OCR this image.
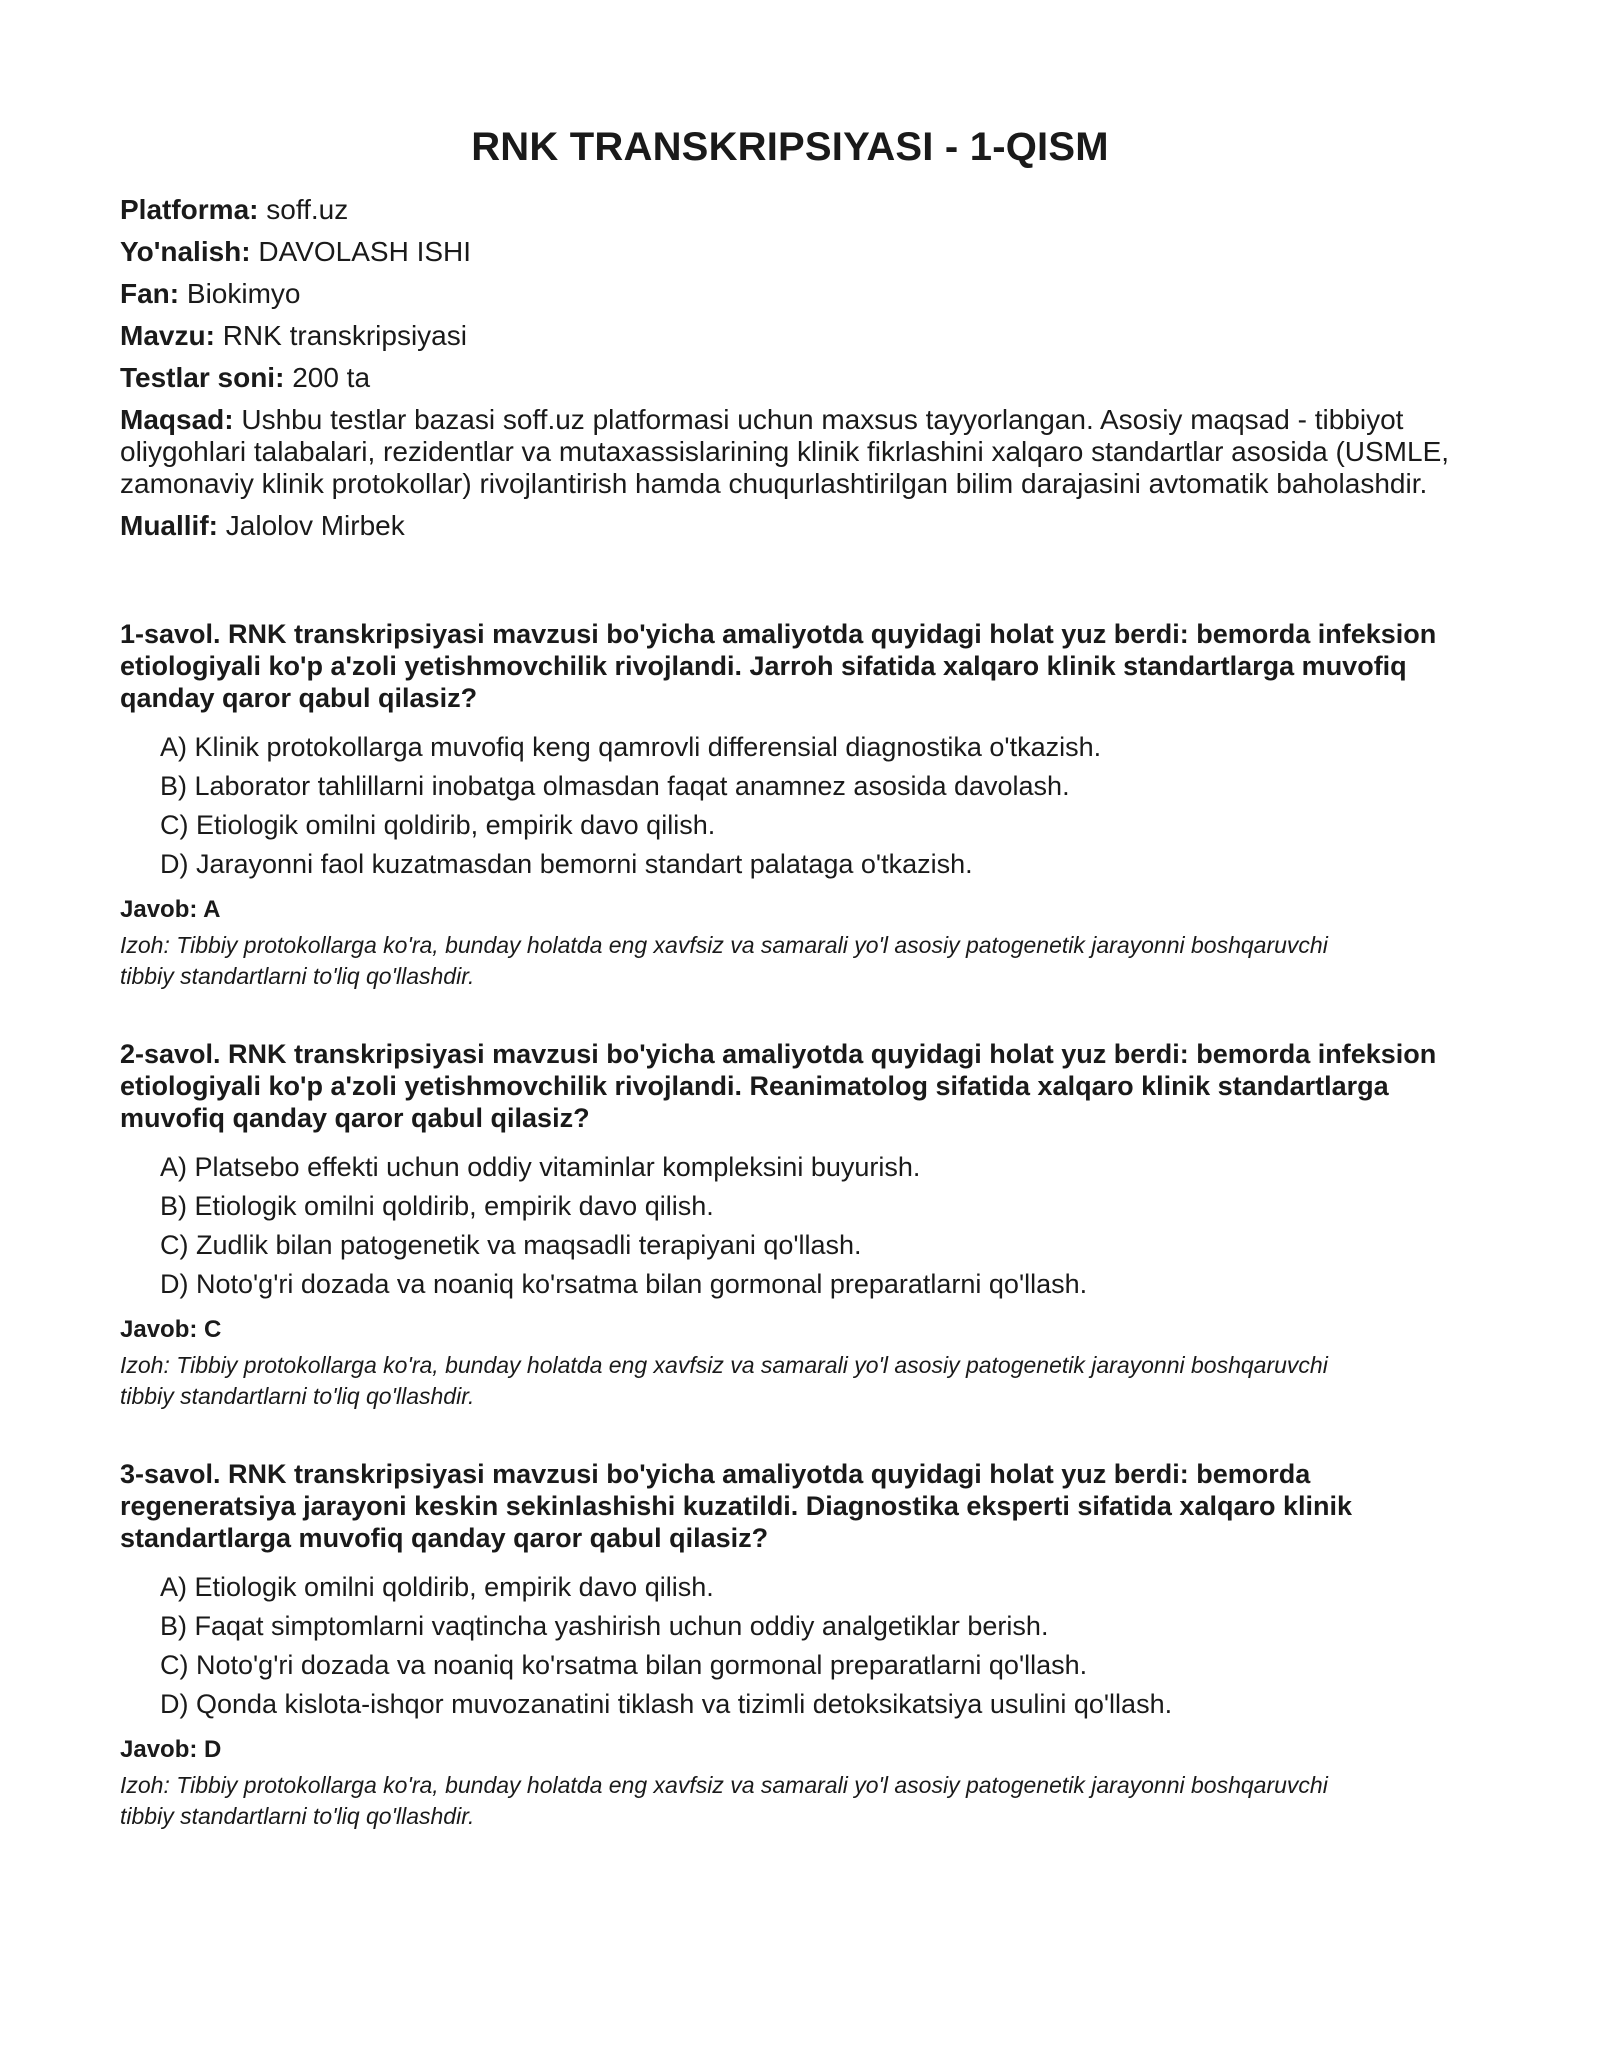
RNK TRANSKRIPSIYASI - 1-QISM
Platforma: soff.uz
Yo'nalish: DAVOLASH ISHI
Fan: Biokimyo
Mavzu: RNK transkripsiyasi
Testlar soni: 200 ta
Maqsad: Ushbu testlar bazasi soff.uz platformasi uchun maxsus tayyorlangan. Asosiy maqsad - tibbiyot oliygohlari talabalari, rezidentlar va mutaxassislarining klinik fikrlashini xalqaro standartlar asosida (USMLE, zamonaviy klinik protokollar) rivojlantirish hamda chuqurlashtirilgan bilim darajasini avtomatik baholashdir.
Muallif: Jalolov Mirbek

1-savol. RNK transkripsiyasi mavzusi bo'yicha amaliyotda quyidagi holat yuz berdi: bemorda infeksion etiologiyali ko'p a'zoli yetishmovchilik rivojlandi. Jarroh sifatida xalqaro klinik standartlarga muvofiq qanday qaror qabul qilasiz?

A) Klinik protokollarga muvofiq keng qamrovli differensial diagnostika o'tkazish.
B) Laborator tahlillarni inobatga olmasdan faqat anamnez asosida davolash.
C) Etiologik omilni qoldirib, empirik davo qilish.
D) Jarayonni faol kuzatmasdan bemorni standart palataga o'tkazish.
Javob: A
Izoh: Tibbiy protokollarga ko'ra, bunday holatda eng xavfsiz va samarali yo'l asosiy patogenetik jarayonni boshqaruvchi tibbiy standartlarni to'liq qo'llashdir.

2-savol. RNK transkripsiyasi mavzusi bo'yicha amaliyotda quyidagi holat yuz berdi: bemorda infeksion etiologiyali ko'p a'zoli yetishmovchilik rivojlandi. Reanimatolog sifatida xalqaro klinik standartlarga muvofiq qanday qaror qabul qilasiz?

A) Platsebo effekti uchun oddiy vitaminlar kompleksini buyurish.
B) Etiologik omilni qoldirib, empirik davo qilish.
C) Zudlik bilan patogenetik va maqsadli terapiyani qo'llash.
D) Noto'g'ri dozada va noaniq ko'rsatma bilan gormonal preparatlarni qo'llash.
Javob: C
Izoh: Tibbiy protokollarga ko'ra, bunday holatda eng xavfsiz va samarali yo'l asosiy patogenetik jarayonni boshqaruvchi tibbiy standartlarni to'liq qo'llashdir.

3-savol. RNK transkripsiyasi mavzusi bo'yicha amaliyotda quyidagi holat yuz berdi: bemorda regeneratsiya jarayoni keskin sekinlashishi kuzatildi. Diagnostika eksperti sifatida xalqaro klinik standartlarga muvofiq qanday qaror qabul qilasiz?

A) Etiologik omilni qoldirib, empirik davo qilish.
B) Faqat simptomlarni vaqtincha yashirish uchun oddiy analgetiklar berish.
C) Noto'g'ri dozada va noaniq ko'rsatma bilan gormonal preparatlarni qo'llash.
D) Qonda kislota-ishqor muvozanatini tiklash va tizimli detoksikatsiya usulini qo'llash.
Javob: D
Izoh: Tibbiy protokollarga ko'ra, bunday holatda eng xavfsiz va samarali yo'l asosiy patogenetik jarayonni boshqaruvchi tibbiy standartlarni to'liq qo'llashdir.
